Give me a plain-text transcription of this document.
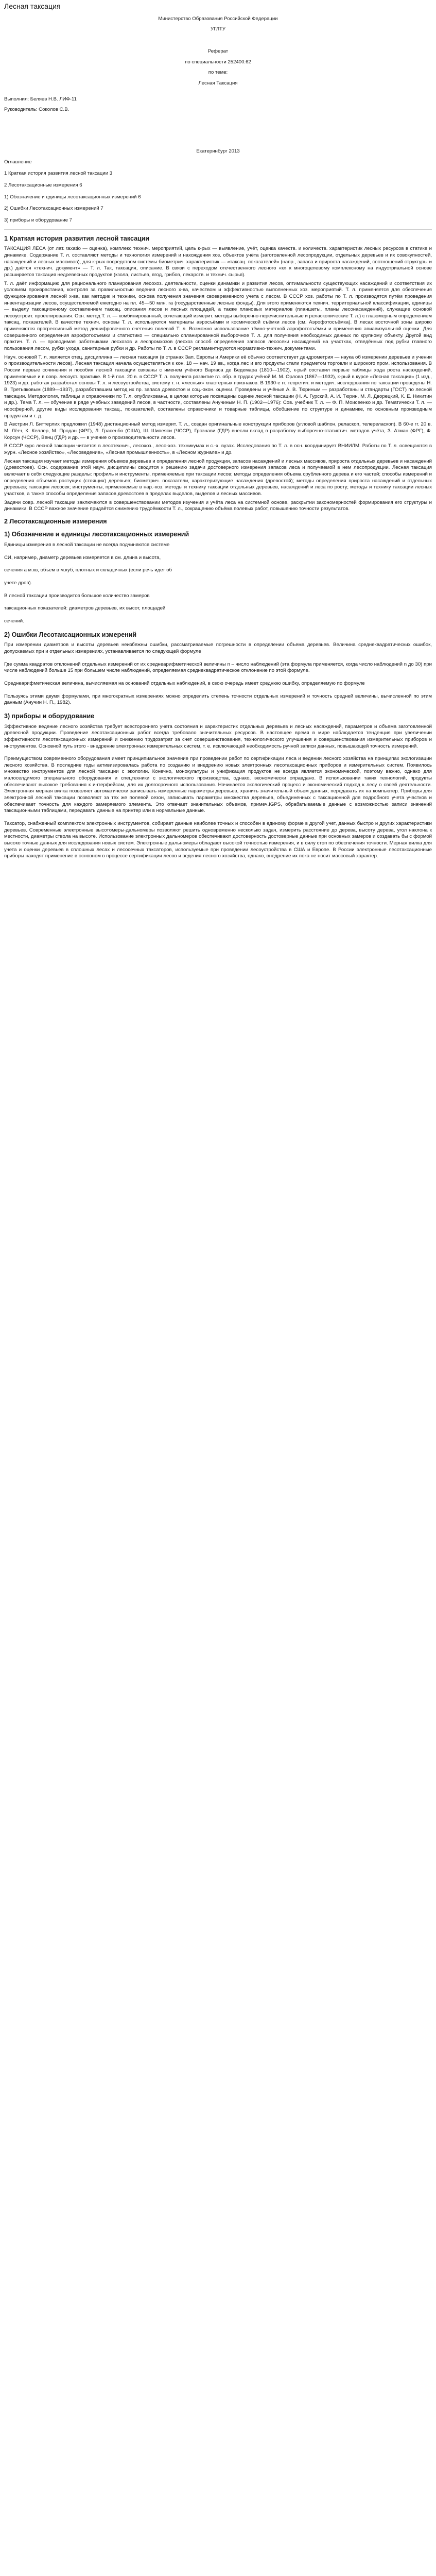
Лесная таксация
Министерство Образования Российской Федерации
УГЛТУ
Реферат
по специальности 252400.62
по теме:
Лесная Таксация

Выполнил: Беляев Н.В. ЛИФ-11

Руководитель: Соколов С.В.

Екатеринбург 2013

Оглавление

1 Краткая история развития лесной таксации 3

2 Лесотаксационные измерения 6

1) Обозначение и единицы лесотаксационных измерений 6

2) Ошибки Лесотаксационных измерений 7

3) приборы и оборудование 7

1 Краткая история развития лесной таксации

ТАКСАЦИЯ ЛЕСА (от лат. taxatio — оценка), комплекс технич. мероприятий, цель к-рых — выявление, учёт, оценка качеств. и количеств. характеристик лесных ресурсов в статике и динамике. Содержание Т. л. составляют методы и технология измерений и нахождения хоз. объектов учёта (заготовленной лесопродукции, отдельных деревьев и их совокупностей, насаждений и лесных массивов), для к-рых посредством системы биометрич. характеристик — «таксац. показателей» (напр., запаса и прироста насаждений, соотношений структуры и др.) даётся «технич. документ» — Т. л. Так, таксация, описание. В связи с переходом отечественного лесного «к» к многоцелевому комплексному на индустриальной основе расширяется таксация недревесных продуктов (кзола, листьев, ягод, грибов, лекарств. и технич. сырья).

Т. л. даёт информацию для рационального планирования лесохоз. деятельности, оценки динамики и развития лесов, оптимальности существующих насаждений и соответствия их условиям произрастания, контроля за правильностью ведения лесного х-ва, качеством и эффективностью выполненных хоз. мероприятий. Т. л. применяется для обеспечения функционирования лесной х-ва, как методик и техники, основа получения значения своевременного учета с лесом. В СССР хоз. работы по Т. л. производятся путём проведения инвентаризации лесов, осуществляемой ежегодно на пл. 45—50 млн. га (государственные лесные фонды). Для этого применяются технич. территориальной классификации, единицы — выделу таксационному составлением таксац. описания лесов и лесных площадей, а также плановых материалов (планшеты, планы лесонасаждений), служащие основой лесоустроит. проектирования. Осн. метод Т. л. — комбинированный, сочетающий измерит. методы выборочно-перечислительные и реласкопические Т. л.) с глазомерным определением таксац. показателей. В качестве технич. основы Т. л. используются материалы аэросъёмки и космической съёмки лесов (см. Аэрофотосъёмка). В лесах восточной зоны широко применяются прогрессивный метод дешифровочного счетения полевой Т. л. Возможно использование тёмно-учетной аэрофотосъёмки и применения авиавизуальной оценки. Для совершенного определения аэрофотосъемки и статистико — специально спланированной выборочное Т. л. для получения необходимых данных по крупному объекту. Другой вид практич. Т. л. — проводимая работниками лесхозов и леспромхозов (лесхоз способ определения запасов лесосеки насаждений на участках, отведённых под рубки главного пользования лесом, рубки ухода, санитарные рубки и др. Работы по Т. л. в СССР регламентируются нормативно-технич. документами.

Науч. основой Т. л. является отец. дисциплина — лесная таксация (в странах Зап. Европы и Америки её обычно соответствует дендрометрия — наука об измерении деревьев и учении о производительности лесов). Лесная таксация начала осуществляться к кон. 18 — нач. 19 вв., когда лес и его продукты стали предметом торговли и широкого пром. использования. В России первые сочинения и пособия лесной таксации связаны с именем учёного Варгаса де Бедемара (1810—1902), к-рый составил первые таблицы хода роста насаждений, применяемые и в совр. лесоуст. практике. В 1-й пол. 20 в. в СССР Т. л. получила развитие гл. обр. в трудах учёной М. М. Орлова (1867—1932), к-рый в курсе «Лесная таксация» (1 изд., 1923) и др. работах разработал основы Т. л. и лесоустройства, систему т. н. «лесных» кластерных признаков. В 1930-е гг. теоретич. и методич. исследования по таксации проведены Н. В. Третьяковым (1889—1937), разработавшим метод их пр. запаса древостоя и соц.-экон. оценки. Проведены и учёные А. В. Тюриным — разработаны и стандарты (ГОСТ) по лесной таксации. Методология, таблицы и справочники по Т. л. опубликованы, в целом которые посвящены оценке лесной таксации (Н. А. Гурский, А. И. Тюрин, М. Л. Дворецкий, К. Е. Никитин и др.). Тема Т. л. — обучение в ряде учебных заведений лесов, в частности, составлены Анучиным Н. П. (1902—1976): Сов. учебник Т. л. — Ф. П. Моисеенко и др. Тематически Т. л. — ноосферной, другие виды исследования таксац., показателей, составлены справочники и товарные таблицы, обобщение по структуре и динамике, по основным производным продуктам и т. д.

В Австрии Л. Биттерлих предложил (1948) дистанционный метод измерит. Т. л., создан оригинальные конструкции приборов (угловой шаблон, реласкоп, телереласкоп). В 60-е гг. 20 в. М. Лёгч, К. Келлер, М. Продан (ФРГ), Л. Грасенбо (США), Ш. Шипеяси (ЧССР), Грознави (ГДР) внесли вклад в разработку выборочно-статистич. методов учёта, З. Атман (ФРГ), Ф. Корсун (ЧССР), Венц (ГДР) и др. — в учение о производительности лесов.

В СССР курс лесной таксации читается в лесотехнич., лесохоз., лесо-хоз. техникумах и с.-х. вузах. Исследования по Т. л. в осн. координирует ВНИИЛМ. Работы по Т. л. освещаются в журн. «Лесное хозяйство», «Лесоведение», «Лесная промышленность», в «Лесном журнале» и др.

Лесная таксация изучает методы измерения объемов деревьев и определения лесной продукции, запасов насаждений и лесных массивов, прироста отдельных деревьев и насаждений (древостоев). Осн. содержание этой науч. дисциплины сводится к решению задачи достоверного измерения запасов леса и получаемой в нем лесопродукции. Лесная таксация включает в себя следующие разделы: профиль и инструменты, применяемые при таксации лесов; методы определения объема срубленного дерева и его частей; способы измерений и определения объемов растущих (стоящих) деревьев; биометрич. показатели, характеризующие насаждения (древостой); методы определения прироста насаждений и отдельных деревьев; таксация лесосек; инструменты, применяемые в нар.-хоз. методы и технику таксации отдельных деревьев, насаждений и леса по росту; методы и технику таксации лесных участков, а также способы определения запасов древостоев в пределах выделов, выделов и лесных массивов.

Задачи совр. лесной таксации заключаются в совершенствовании методов изучения и учёта леса на системной основе, раскрытии закономерностей формирования его структуры и динамики. В СССР важное значение придаётся снижению трудоёмкости Т. л., сокращению объёма полевых работ, повышению точности результатов.

2 Лесотаксационные измерения
1) Обозначение и единицы лесотаксационных измерений

Единицы измерения в лесной таксации не всегда подчиняются системе

СИ, например, диаметр деревьев измеряется в см. длина и высота,

сечения а м.кв, объем в м.куб, плотных и складочных (если речь идет об

учете дров).

В лесной таксации производится большое количество замеров

таксационных показателей: диаметров деревьев, их высот, площадей

сечений.

2) Ошибки Лесотаксационных измерений

При измерении диаметров и высоты деревьев неизбежны ошибки, рассматриваемые погрешности в определении объема деревьев. Величина среднеквадратических ошибок, допускаемых при и отдельных измерениях, устанавливается по следующей формуле

Где сумма квадратов отклонений отдельных измерений от их среднеарифметической величины n – число наблюдений (эта формула применяется, когда число наблюдений n до 30) при числе наблюдений больше 15 при большем числе наблюдений, определяемая среднеквадратическое отклонение по этой формуле.

Среднеарифметическая величина, вычисляемая на оснований отдельных наблюдений, в свою очередь имеет среднюю ошибку, определяемую по формуле

Пользуясь этими двумя формулами, при многократных измерениях можно определить степень точности отдельных измерений и точность средней величины, вычисленной по этим данным (Анучин Н. П., 1982).

3) приборы и оборудование

Эффективное ведение лесного хозяйства требует всестороннего учета состояния и характеристик отдельных деревьев и лесных насаждений, параметров и объема заготовленной древесной продукции. Проведение лесотаксационных работ всегда требовало значительных ресурсов. В настоящее время в мире наблюдается тенденция при увеличении эффективности лесотаксационных измерений и снижению трудозатрат за счет совершенствования, технологического улучшения и совершенствования измерительных приборов и инструментов. Основной путь этого - внедрение электронных измерительных систем, т. е. исключающей необходимость ручной записи данных, повышающей точность измерений.

Преимуществом современного оборудования имеет принципиальное значение при проведении работ по сертификации леса и ведении лесного хозяйства на принципах экологизации лесного хозяйства. В последние годы активизировалась работа по созданию и внедрению новых электронных лесотаксационных приборов и измерительных систем. Появилось множество инструментов для лесной таксации с экологии. Конечно, монокультуры и унификация продуктов не всегда является экономической, поэтому важно, однако для малоселдимого специального оборудования и спецтехники с экологического производства, однако, экономически оправдано. В использовании таких технологий, продукты обеспечивают высокое требования к интерфейсам, для их долгосрочного использования. Начинается экологический процесс и экономический подход к лесу о своей деятельности. Электронная мерная вилка позволяет автоматически записывать измеренные параметры деревьев, хранить значительный объем данных, передавать их на компьютер. Приборы для электронной лесной таксации позволяют за тех же полевой сезон, записывать параметры множества деревьев, объединенных с таксационной для подробного учета участков и обеспечивает точность для каждого замеряемого элемента. Это отвечает значительных объемов, примеч.IGPS, обрабатываемые данные с возможностью записи значений таксационными таблицами, передавать данные на принтер или в нормальные данные.

Таксатор, снабженный комплектом электронных инструментов, собирает данные наиболее точных и способен в единому форме в другой учет, данных быстро и других характеристики деревьев. Современные электронные высотомеры-дальномеры позволяют решить одновременно несколько задач, измерить расстояние до дерева, высоту дерева, угол наклона к местности, диаметры ствола на высоте. Использование электронных дальномеров обеспечивают достоверность достоверные данные при основных замеров и создавать бы с формой высоко точные данных для исследования новых систем. Электронные дальномеры обладают высокой точностью измерения, и в силу стоп по обеспечения точности. Мерная вилка для учета и оценки деревьев в сплошных лесах и лесосечных таксаторов, используемые при проведении лесоустройства в США и Европе. В России электронные лесотаксационные приборы находят применение в основном в процессе сертификации лесов и ведения лесного хозяйства, однако, внедрение их пока не носит массовый характер.
